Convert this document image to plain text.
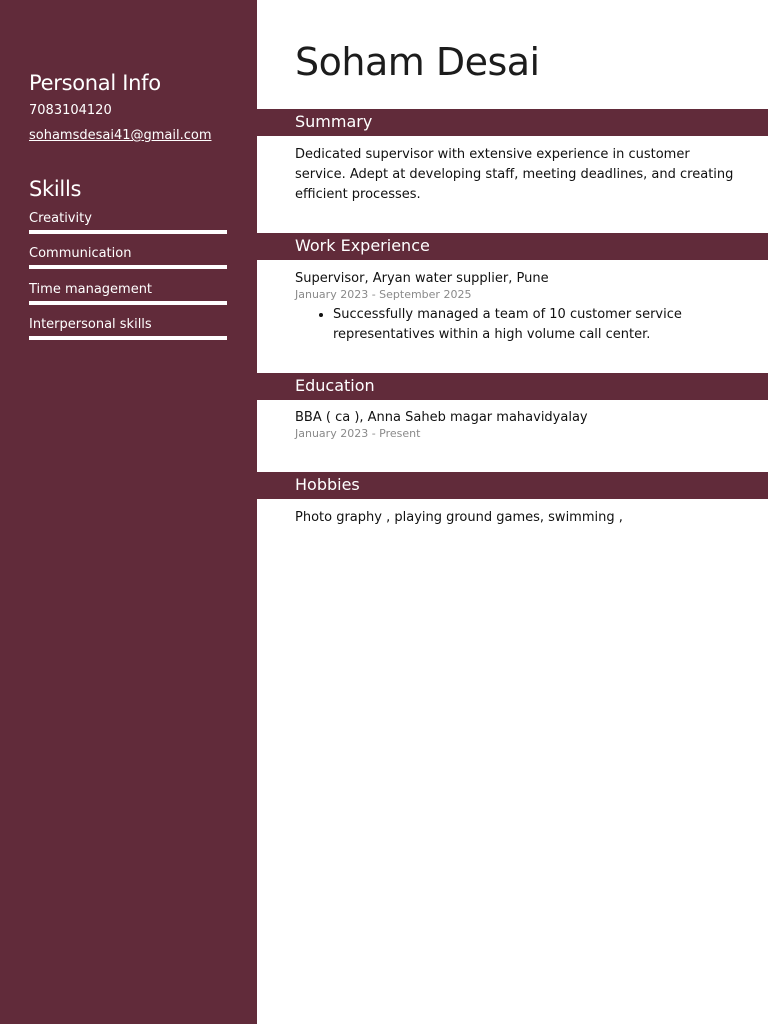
Personal Info
7083104120
sohamsdesai41@gmail.com
Skills
Creativity
Communication
Time management
Interpersonal skills
Soham Desai
Summary

Dedicated supervisor with extensive experience in customer service. Adept at developing staff, meeting deadlines, and creating efficient processes.

Work Experience
Supervisor, Aryan water supplier, Pune
January 2023 - September 2025
• Successfully managed a team of 10 customer service representatives within a high volume call center.
Education
BBA ( ca ), Anna Saheb magar mahavidyalay
January 2023 - Present
Hobbies

Photo graphy , playing ground games, swimming ,
